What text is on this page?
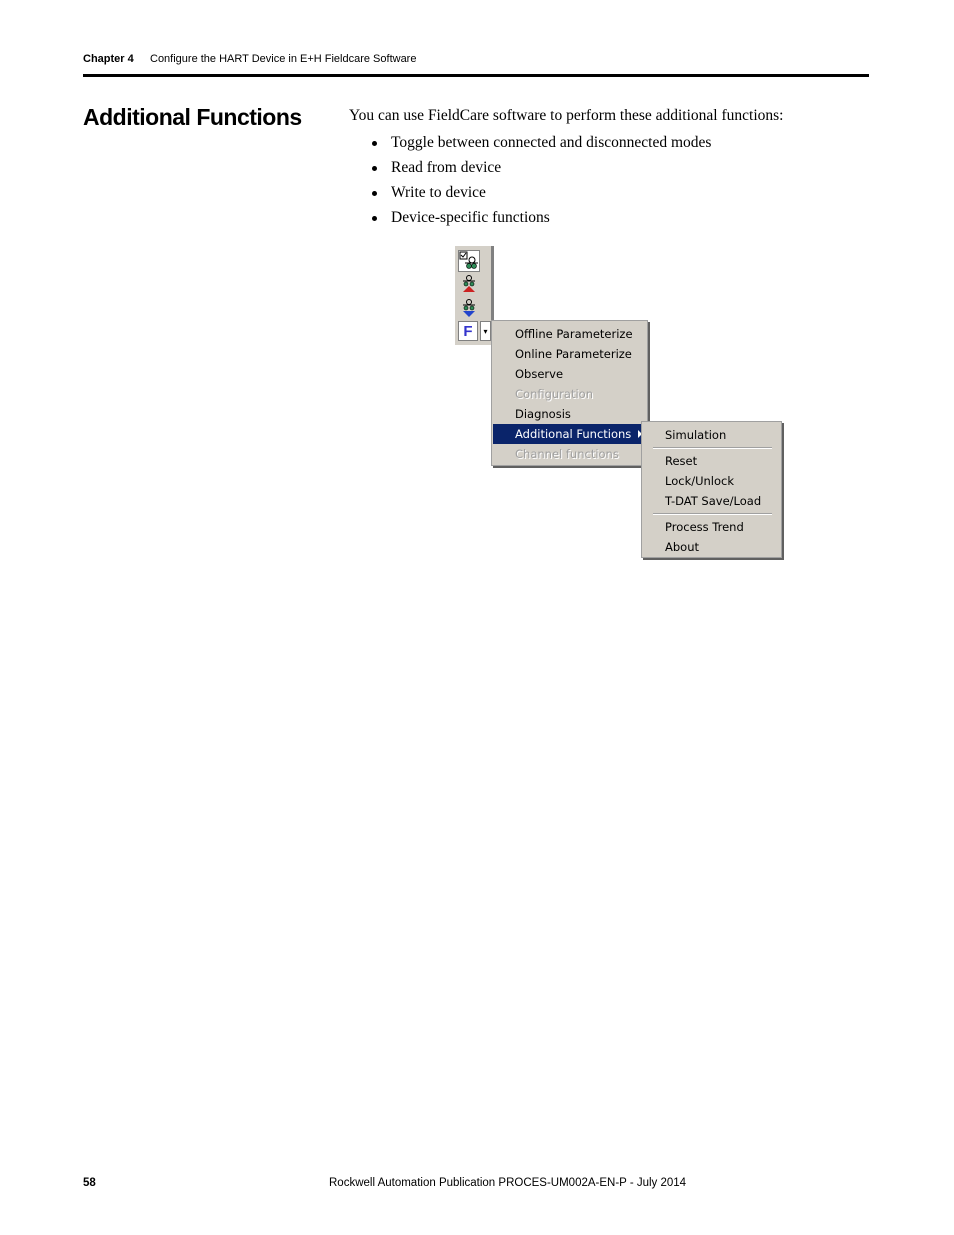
Chapter 4 Configure the HART Device in E+H Fieldcare Software
Additional Functions	You can use FieldCare software to perform these additional functions:
Toggle between connected and disconnected modes
Read from device
Write to device
Device-specific functions
F	▾	Offline Parameterize
Online Parameterize
Observe
Configuration
Diagnosis
Additional Functions
Channel functions
Simulation
Reset
Lock/Unlock
T-DAT Save/Load
Process Trend
About
58	Rockwell Automation Publication PROCES-UM002A-EN-P - July 2014
